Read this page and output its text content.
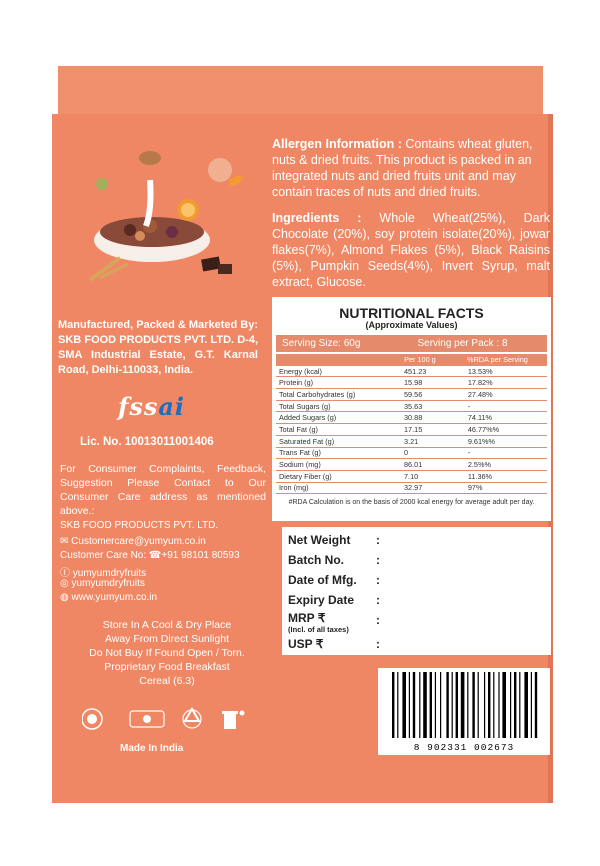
Allergen Information : Contains wheat gluten, nuts & dried fruits. This product is packed in an integrated nuts and dried fruits unit and may contain traces of nuts and dried fruits.
Ingredients : Whole Wheat(25%), Dark Chocolate (20%), soy protein isolate(20%), jowar flakes(7%), Almond Flakes (5%), Black Raisins (5%), Pumpkin Seeds(4%), Invert Syrup, malt extract, Glucose.
Manufactured, Packed & Marketed By: SKB FOOD PRODUCTS PVT. LTD. D-4, SMA Industrial Estate, G.T. Karnal Road, Delhi-110033, India.
fssai
Lic. No. 10013011001406
For Consumer Complaints, Feedback, Suggestion Please Contact to Our Consumer Care address as mentioned above.:
SKB FOOD PRODUCTS PVT. LTD.
✉ Customercare@yumyum.co.in
Customer Care No: ☎+91 98101 80593
ⓕ yumyumdryfruits
◎ yumyumdryfruits
◍ www.yumyum.co.in
Store In A Cool & Dry Place
Away From Direct Sunlight
Do Not Buy If Found Open / Torn.
Proprietary Food Breakfast
Cereal (6.3)
Made In India
NUTRITIONAL FACTS
(Approximate Values)
Serving Size: 60g	Serving per Pack : 8
	Per 100 g	%RDA per Serving
Energy (kcal)	451.23	13.53%
Protein (g)	15.98	17.82%
Total Carbohydrates (g)	59.56	27.48%
Total Sugars (g)	35.63	-
Added Sugars (g)	30.88	74.11%
Total Fat (g)	17.15	46.77%%
Saturated Fat (g)	3.21	9.61%%
Trans Fat (g)	0	-
Sodium (mg)	86.01	2.5%%
Dietary Fiber (g)	7.10	11.36%
Iron (mg)	32.97	97%
#RDA Calculation is on the basis of 2000 kcal energy for average adult per day.
Net Weight :
Batch No.	:
Date of Mfg. :
Expiry Date :
MRP ₹
(Incl. of all taxes)
:
USP ₹	:
8 902331 002673
